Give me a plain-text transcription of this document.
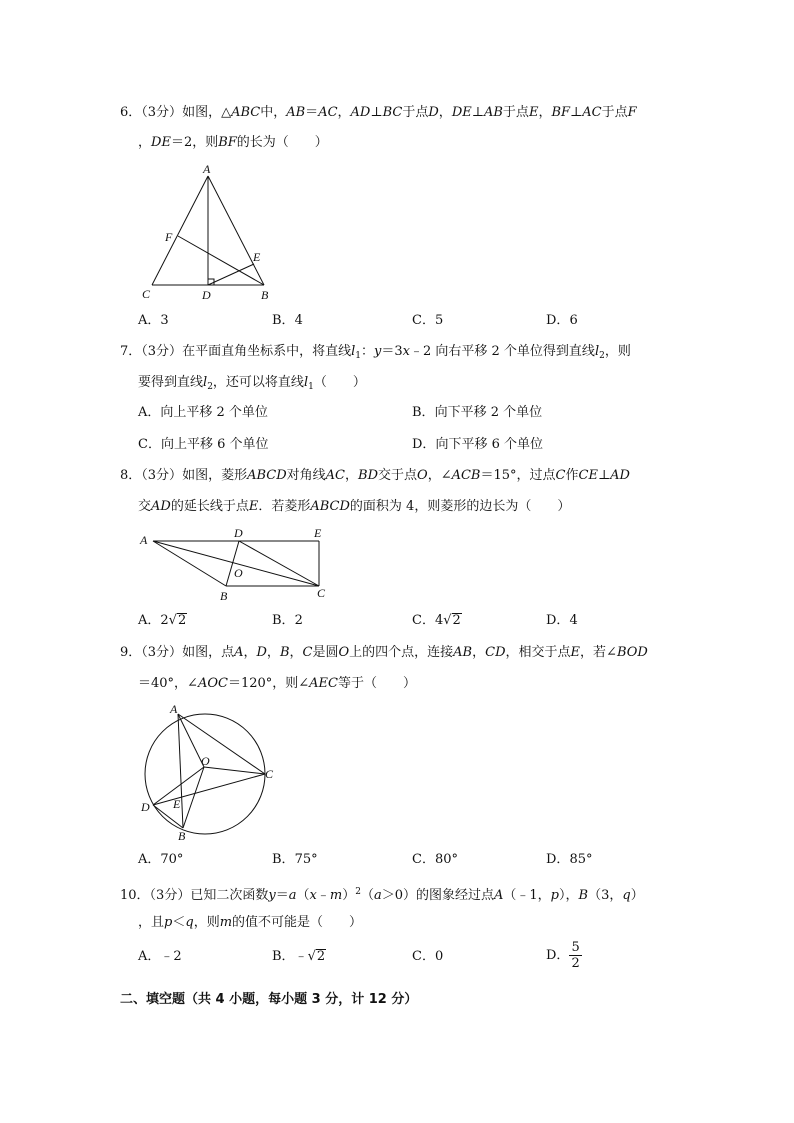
6．（3分）如图，△ABC中，AB＝AC，AD⊥BC于点D，DE⊥AB于点E，BF⊥AC于点F
，DE＝2，则BF的长为（　　）
A
F
E
C	D	B
A．3	B．4	C．5	D．6
7．（3分）在平面直角坐标系中，将直线$l_1$：y＝3x﹣2 向右平移 2 个单位得到直线$l_2$，则
要得到直线$l_2$，还可以将直线$l_1$（　　）
A．向上平移 2 个单位	B．向下平移 2 个单位
C．向上平移 6 个单位	D．向下平移 6 个单位
8．（3分）如图，菱形ABCD对角线AC，BD交于点O，∠ACB＝15°，过点C作CE⊥AD
交AD的延长线于点E．若菱形ABCD的面积为 4，则菱形的边长为（　　）
A	D	E
O
B	C
A．2√2	B．2	C．4√2	D．4
9．（3分）如图，点A，D，B，C是圆O上的四个点，连接AB，CD，相交于点E，若∠BOD
＝40°，∠AOC＝120°，则∠AEC等于（　　）
A
O
C
D E
B
A．70°	B．75°	C．80°	D．85°
10．（3分）已知二次函数y＝a（x﹣m）$^2$（a＞0）的图象经过点A（﹣1，p），B（3，q）
，且p＜q，则m的值不可能是（　　）
A．﹣2	B．﹣√2	C．0	D． $\frac{5}{2}$
二、填空题（共 4 小题，每小题 3 分，计 12 分）
